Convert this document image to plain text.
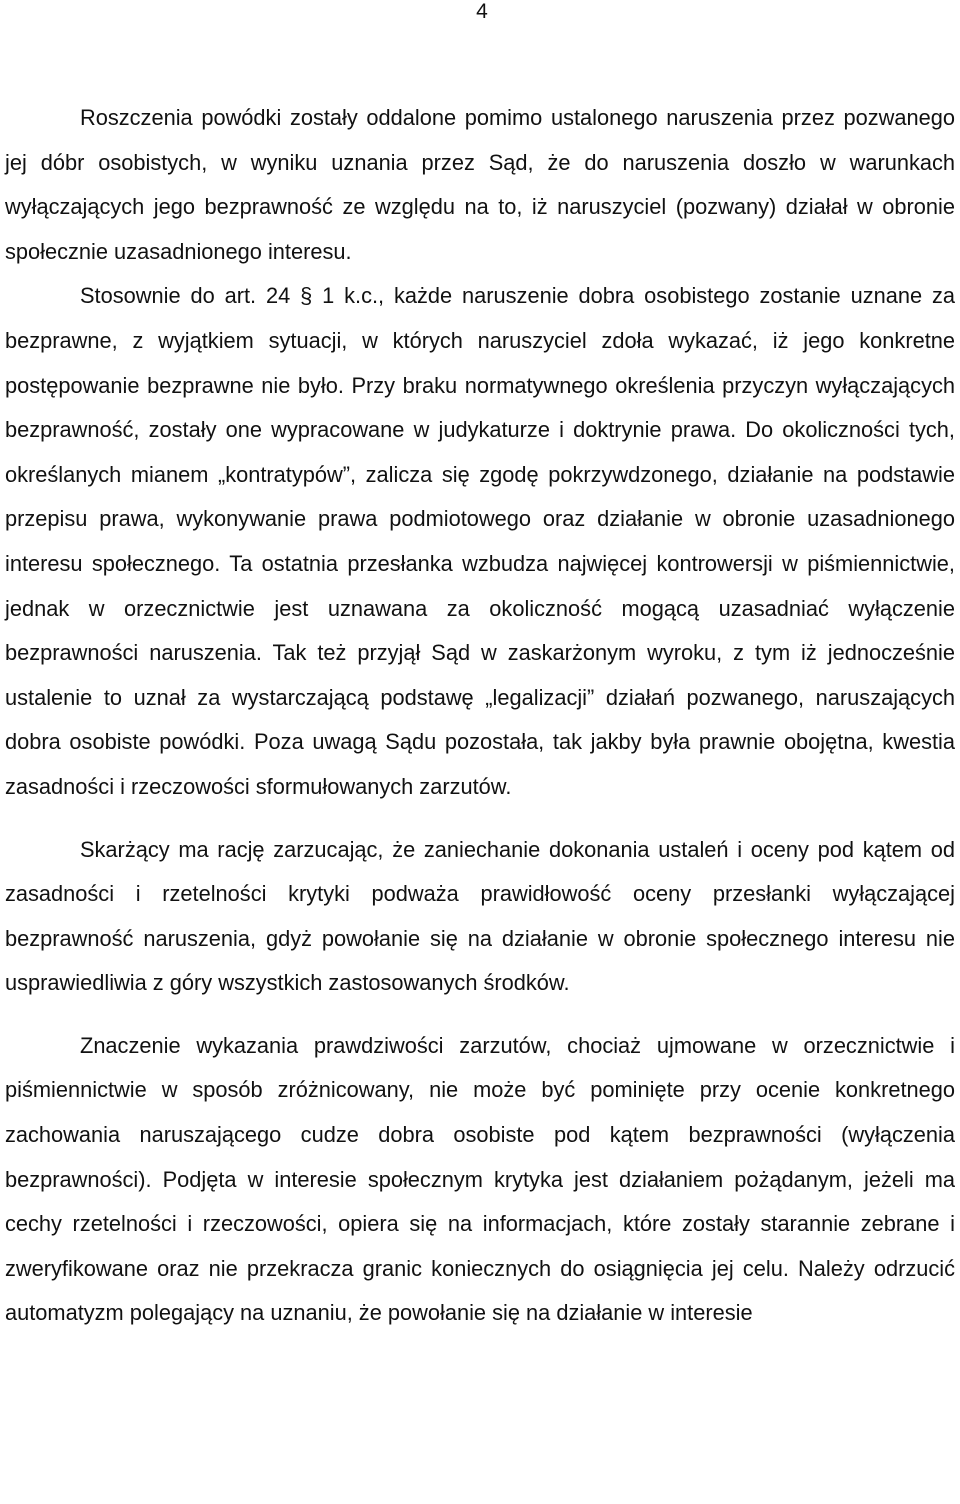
4

Roszczenia powódki zostały oddalone pomimo ustalonego naruszenia przez pozwanego jej dóbr osobistych, w wyniku uznania przez Sąd, że do naruszenia doszło w warunkach wyłączających jego bezprawność ze względu na to, iż naruszyciel (pozwany) działał w obronie społecznie uzasadnionego interesu.

Stosownie do art. 24 § 1 k.c., każde naruszenie dobra osobistego zostanie uznane za bezprawne, z wyjątkiem sytuacji, w których naruszyciel zdoła wykazać, iż jego konkretne postępowanie bezprawne nie było. Przy braku normatywnego określenia przyczyn wyłączających bezprawność, zostały one wypracowane w judykaturze i doktrynie prawa. Do okoliczności tych, określanych mianem „kontratypów”, zalicza się zgodę pokrzywdzonego, działanie na podstawie przepisu prawa, wykonywanie prawa podmiotowego oraz działanie w obronie uzasadnionego interesu społecznego. Ta ostatnia przesłanka wzbudza najwięcej kontrowersji w piśmiennictwie, jednak w orzecznictwie jest uznawana za okoliczność mogącą uzasadniać wyłączenie bezprawności naruszenia. Tak też przyjął Sąd w zaskarżonym wyroku, z tym iż jednocześnie ustalenie to uznał za wystarczającą podstawę „legalizacji” działań pozwanego, naruszających dobra osobiste powódki. Poza uwagą Sądu pozostała, tak jakby była prawnie obojętna, kwestia zasadności i rzeczowości sformułowanych zarzutów.

Skarżący ma rację zarzucając, że zaniechanie dokonania ustaleń i oceny pod kątem od zasadności i rzetelności krytyki podważa prawidłowość oceny przesłanki wyłączającej bezprawność naruszenia, gdyż powołanie się na działanie w obronie społecznego interesu nie usprawiedliwia z góry wszystkich zastosowanych środków.

Znaczenie wykazania prawdziwości zarzutów, chociaż ujmowane w orzecznictwie i piśmiennictwie w sposób zróżnicowany, nie może być pominięte przy ocenie konkretnego zachowania naruszającego cudze dobra osobiste pod kątem bezprawności (wyłączenia bezprawności). Podjęta w interesie społecznym krytyka jest działaniem pożądanym, jeżeli ma cechy rzetelności i rzeczowości, opiera się na informacjach, które zostały starannie zebrane i zweryfikowane oraz nie przekracza granic koniecznych do osiągnięcia jej celu. Należy odrzucić automatyzm polegający na uznaniu, że powołanie się na działanie w interesie
